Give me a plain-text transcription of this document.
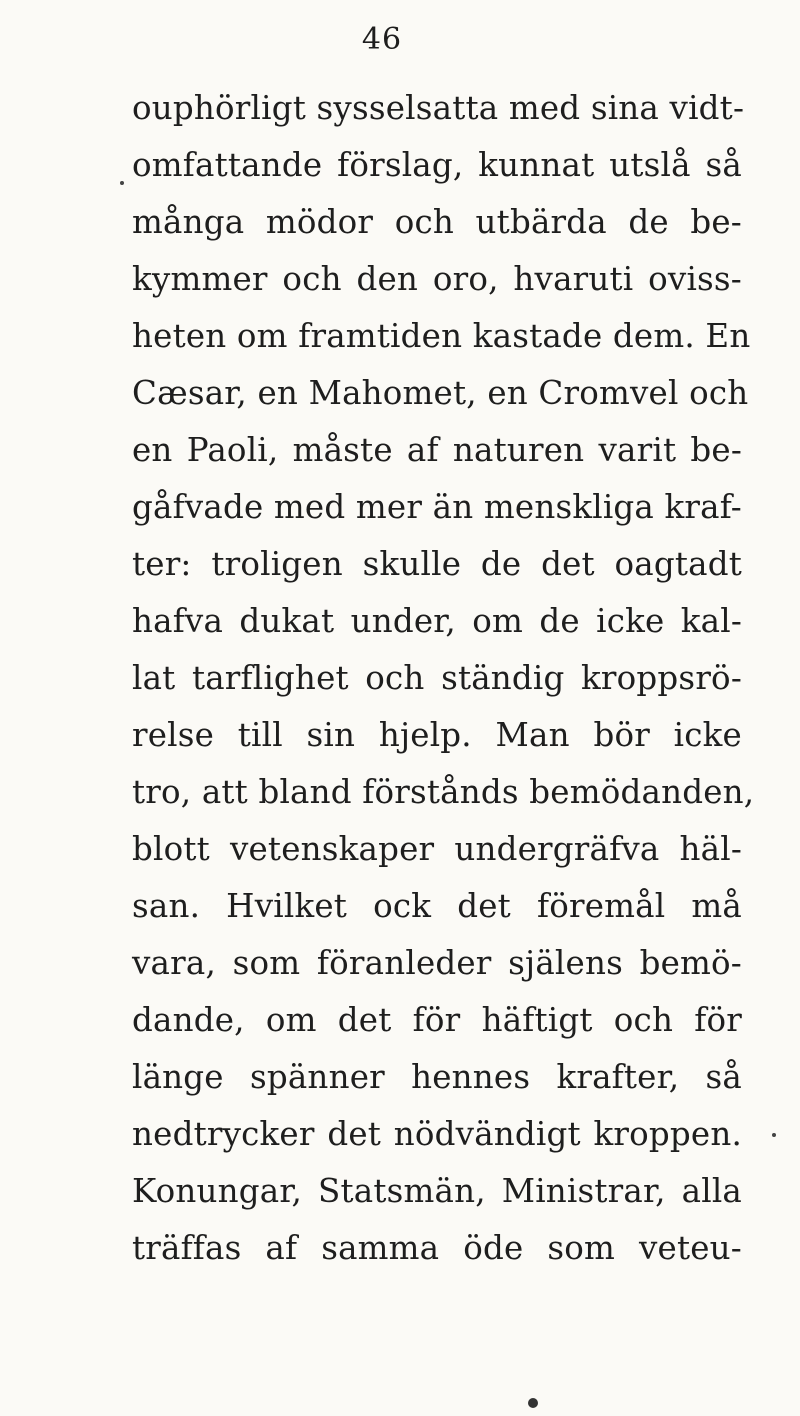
46
ouphörligt sysselsatta med sina vidt-
omfattande förslag, kunnat utslå så
många mödor och utbärda de be-
kymmer och den oro, hvaruti oviss-
heten om framtiden kastade dem. En
Cæsar, en Mahomet, en Cromvel och
en Paoli, måste af naturen varit be-
gåfvade med mer än menskliga kraf-
ter: troligen skulle de det oagtadt
hafva dukat under, om de icke kal-
lat tarflighet och ständig kroppsrö-
relse till sin hjelp. Man bör icke
tro, att bland förstånds bemödanden,
blott vetenskaper undergräfva häl-
san. Hvilket ock det föremål må
vara, som föranleder själens bemö-
dande, om det för häftigt och för
länge spänner hennes krafter, så
nedtrycker det nödvändigt kroppen.
Konungar, Statsmän, Ministrar, alla
träffas af samma öde som veteu-
